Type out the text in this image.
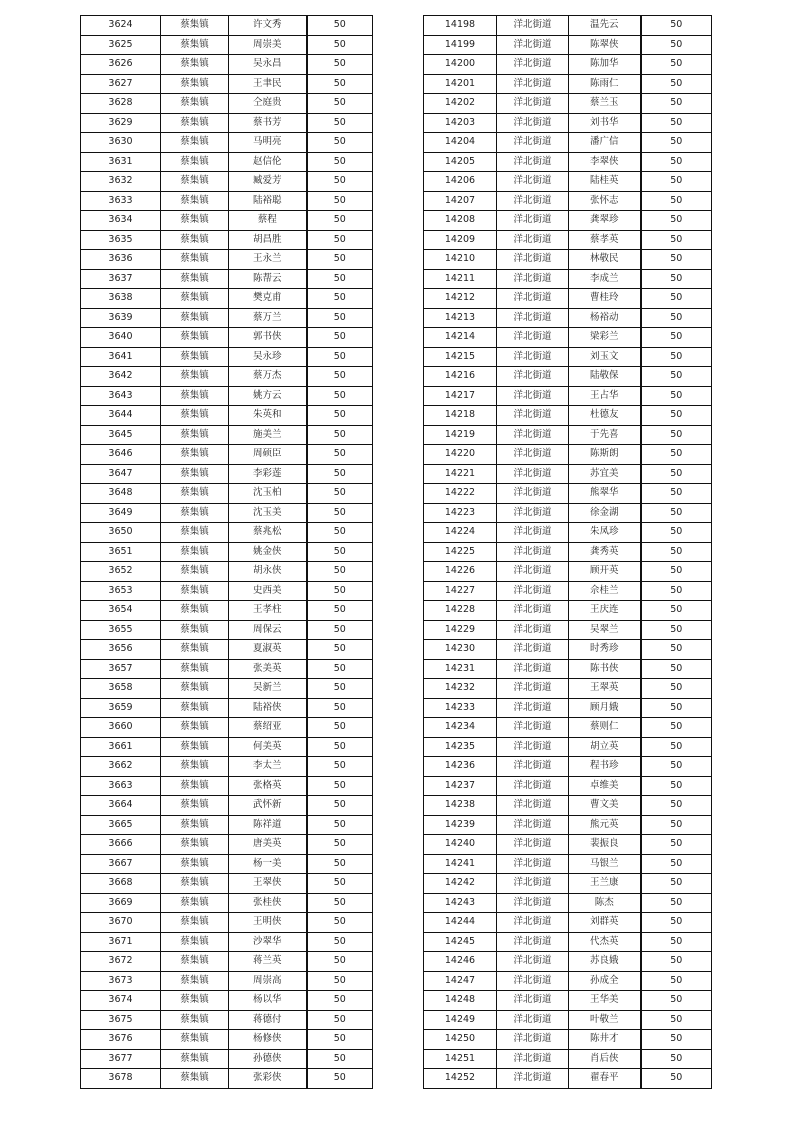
3624	蔡集镇	许文秀	50
3625	蔡集镇	周崇美	50
3626	蔡集镇	吴永昌	50
3627	蔡集镇	王聿民	50
3628	蔡集镇	仝庭贵	50
3629	蔡集镇	蔡书芳	50
3630	蔡集镇	马明亮	50
3631	蔡集镇	赵信伦	50
3632	蔡集镇	臧爱芳	50
3633	蔡集镇	陆裕聪	50
3634	蔡集镇	蔡程	50
3635	蔡集镇	胡昌胜	50
3636	蔡集镇	王永兰	50
3637	蔡集镇	陈帮云	50
3638	蔡集镇	樊克甫	50
3639	蔡集镇	蔡万兰	50
3640	蔡集镇	郭书侠	50
3641	蔡集镇	吴永珍	50
3642	蔡集镇	蔡万杰	50
3643	蔡集镇	姚方云	50
3644	蔡集镇	朱英和	50
3645	蔡集镇	施美兰	50
3646	蔡集镇	周硕臣	50
3647	蔡集镇	李彩莲	50
3648	蔡集镇	沈玉柏	50
3649	蔡集镇	沈玉美	50
3650	蔡集镇	蔡兆松	50
3651	蔡集镇	姚金侠	50
3652	蔡集镇	胡永侠	50
3653	蔡集镇	史西美	50
3654	蔡集镇	王孝柱	50
3655	蔡集镇	周保云	50
3656	蔡集镇	夏淑英	50
3657	蔡集镇	张美英	50
3658	蔡集镇	吴新兰	50
3659	蔡集镇	陆裕侠	50
3660	蔡集镇	蔡绍亚	50
3661	蔡集镇	何美英	50
3662	蔡集镇	李太兰	50
3663	蔡集镇	张格英	50
3664	蔡集镇	武怀新	50
3665	蔡集镇	陈祥道	50
3666	蔡集镇	唐美英	50
3667	蔡集镇	杨一美	50
3668	蔡集镇	王翠侠	50
3669	蔡集镇	张桂侠	50
3670	蔡集镇	王明侠	50
3671	蔡集镇	沙翠华	50
3672	蔡集镇	蒋兰英	50
3673	蔡集镇	周崇高	50
3674	蔡集镇	杨以华	50
3675	蔡集镇	蒋德付	50
3676	蔡集镇	杨修侠	50
3677	蔡集镇	孙德侠	50
3678	蔡集镇	张彩侠	50
14198	洋北街道	温先云	50
14199	洋北街道	陈翠侠	50
14200	洋北街道	陈加华	50
14201	洋北街道	陈雨仁	50
14202	洋北街道	蔡兰玉	50
14203	洋北街道	刘书华	50
14204	洋北街道	潘广信	50
14205	洋北街道	李翠侠	50
14206	洋北街道	陆桂英	50
14207	洋北街道	张怀志	50
14208	洋北街道	龚翠珍	50
14209	洋北街道	蔡孝英	50
14210	洋北街道	林敬民	50
14211	洋北街道	李成兰	50
14212	洋北街道	曹桂玲	50
14213	洋北街道	杨裕动	50
14214	洋北街道	梁彩兰	50
14215	洋北街道	刘玉文	50
14216	洋北街道	陆敬保	50
14217	洋北街道	王占华	50
14218	洋北街道	杜德友	50
14219	洋北街道	于先喜	50
14220	洋北街道	陈斯朗	50
14221	洋北街道	苏宜美	50
14222	洋北街道	熊翠华	50
14223	洋北街道	徐金湖	50
14224	洋北街道	朱凤珍	50
14225	洋北街道	龚秀英	50
14226	洋北街道	顾开英	50
14227	洋北街道	佘桂兰	50
14228	洋北街道	王庆连	50
14229	洋北街道	吴翠兰	50
14230	洋北街道	时秀珍	50
14231	洋北街道	陈书侠	50
14232	洋北街道	王翠英	50
14233	洋北街道	顾月娥	50
14234	洋北街道	蔡则仁	50
14235	洋北街道	胡立英	50
14236	洋北街道	程书珍	50
14237	洋北街道	卓维美	50
14238	洋北街道	曹文美	50
14239	洋北街道	熊元英	50
14240	洋北街道	裴振良	50
14241	洋北街道	马银兰	50
14242	洋北街道	王兰康	50
14243	洋北街道	陈杰	50
14244	洋北街道	刘群英	50
14245	洋北街道	代杰英	50
14246	洋北街道	苏良娥	50
14247	洋北街道	孙成全	50
14248	洋北街道	王华美	50
14249	洋北街道	叶敬兰	50
14250	洋北街道	陈井才	50
14251	洋北街道	肖后侠	50
14252	洋北街道	翟春平	50
